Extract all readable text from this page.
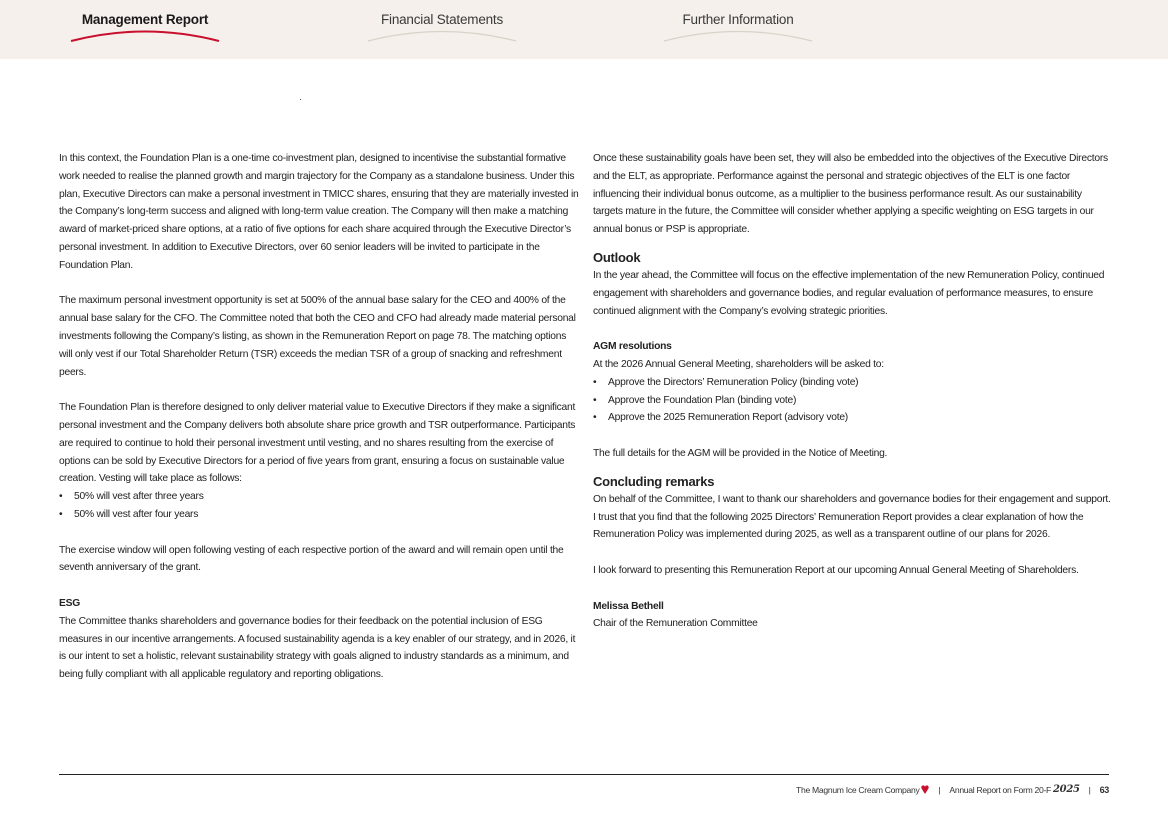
Management Report	Financial Statements	Further Information

In this context, the Foundation Plan is a one-time co-investment plan, designed to incentivise the substantial formative work needed to realise the planned growth and margin trajectory for the Company as a standalone business. Under this plan, Executive Directors can make a personal investment in TMICC shares, ensuring that they are materially invested in the Company’s long-term success and aligned with long-term value creation. The Company will then make a matching award of market-priced share options, at a ratio of five options for each share acquired through the Executive Director’s personal investment. In addition to Executive Directors, over 60 senior leaders will be invited to participate in the Foundation Plan.

The maximum personal investment opportunity is set at 500% of the annual base salary for the CEO and 400% of the annual base salary for the CFO. The Committee noted that both the CEO and CFO had already made material personal investments following the Company’s listing, as shown in the Remuneration Report on page 78. The matching options will only vest if our Total Shareholder Return (TSR) exceeds the median TSR of a group of snacking and refreshment peers.

The Foundation Plan is therefore designed to only deliver material value to Executive Directors if they make a significant personal investment and the Company delivers both absolute share price growth and TSR outperformance. Participants are required to continue to hold their personal investment until vesting, and no shares resulting from the exercise of options can be sold by Executive Directors for a period of five years from grant, ensuring a focus on sustainable value creation. Vesting will take place as follows:

• 50% will vest after three years
• 50% will vest after four years

The exercise window will open following vesting of each respective portion of the award and will remain open until the seventh anniversary of the grant.

ESG

The Committee thanks shareholders and governance bodies for their feedback on the potential inclusion of ESG measures in our incentive arrangements. A focused sustainability agenda is a key enabler of our strategy, and in 2026, it is our intent to set a holistic, relevant sustainability strategy with goals aligned to industry standards as a minimum, and being fully compliant with all applicable regulatory and reporting obligations.

Once these sustainability goals have been set, they will also be embedded into the objectives of the Executive Directors and the ELT, as appropriate. Performance against the personal and strategic objectives of the ELT is one factor influencing their individual bonus outcome, as a multiplier to the business performance result. As our sustainability targets mature in the future, the Committee will consider whether applying a specific weighting on ESG targets in our annual bonus or PSP is appropriate.

Outlook

In the year ahead, the Committee will focus on the effective implementation of the new Remuneration Policy, continued engagement with shareholders and governance bodies, and regular evaluation of performance measures, to ensure continued alignment with the Company’s evolving strategic priorities.

AGM resolutions

At the 2026 Annual General Meeting, shareholders will be asked to:

• Approve the Directors’ Remuneration Policy (binding vote)
• Approve the Foundation Plan (binding vote)
• Approve the 2025 Remuneration Report (advisory vote)

The full details for the AGM will be provided in the Notice of Meeting.

Concluding remarks

On behalf of the Committee, I want to thank our shareholders and governance bodies for their engagement and support. I trust that you find that the following 2025 Directors’ Remuneration Report provides a clear explanation of how the Remuneration Policy was implemented during 2025, as well as a transparent outline of our plans for 2026.

I look forward to presenting this Remuneration Report at our upcoming Annual General Meeting of Shareholders.

Melissa Bethell

Chair of the Remuneration Committee

The Magnum Ice Cream Company | Annual Report on Form 20-F 2025 | 63
